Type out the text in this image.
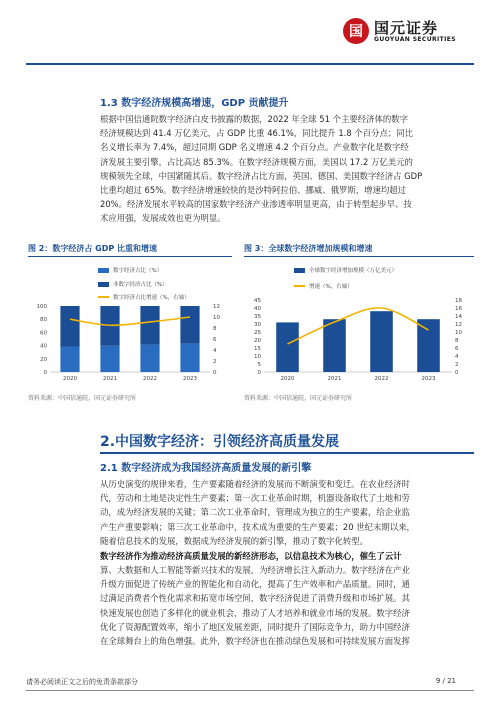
国 国元证券
GUOYUAN SECURITIES
1.3 数字经济规模高增速，GDP 贡献提升
根据中国信通院数字经济白皮书披露的数据，2022 年全球 51 个主要经济体的数字
经济规模达到 41.4 万亿美元，占 GDP 比重 46.1%，同比提升 1.8 个百分点；同比
名义增长率为 7.4%，超过同期 GDP 名义增速 4.2 个百分点。产业数字化是数字经
济发展主要引擎，占比高达 85.3%。在数字经济规模方面，美国以 17.2 万亿美元的
规模领先全球，中国紧随其后。数字经济占比方面，英国、德国、美国数字经济占 GDP
比重均超过 65%。数字经济增速较快的是沙特阿拉伯、挪威、俄罗斯，增速均超过
20%。经济发展水平较高的国家数字经济产业渗透率明显更高，由于转型起步早、技
术应用强，发展成效也更为明显。
图 2：数字经济占 GDP 比重和增速
数字经济占比（%）
非数字经济占比（%）
数字经济占比增速（%，右轴）
0
20
40
60
80
100
0
2
4
6
8
10
12
2020	2021	2022	2023
资料来源：中国信通院，国元证券研究所
图 3：全球数字经济增加规模和增速
全球数字经济增加规模（万亿美元）
增速（%，右轴）
0
5
10
15
20
25
30
35
40
45
0
2
4
6
8
10
12
14
16
18
2020	2021	2022	2023
资料来源：中国信通院，国元证券研究所
2.中国数字经济：引领经济高质量发展
2.1 数字经济成为我国经济高质量发展的新引擎
从历史演变的规律来看，生产要素随着经济的发展而不断演变和变迁。在农业经济时
代，劳动和土地是决定性生产要素；第一次工业革命时期，机器设备取代了土地和劳
动，成为经济发展的关键；第二次工业革命时，管理成为独立的生产要素，给企业监
产生产重要影响；第三次工业革命中，技术成为重要的生产要素；20 世纪末期以来，
随着信息技术的发展，数据成为经济发展的新引擎，推动了数字化转型。
数字经济作为推动经济高质量发展的新经济形态，以信息技术为核心，催生了云计
算、大数据和人工智能等新兴技术的发展，为经济增长注入新动力。数字经济在产业
升级方面促进了传统产业的智能化和自动化，提高了生产效率和产品质量。同时，通
过满足消费者个性化需求和拓宽市场空间，数字经济促进了消费升级和市场扩展。其
快速发展也创造了多样化的就业机会，推动了人才培养和就业市场的发展。数字经济
优化了资源配置效率，缩小了地区发展差距，同时提升了国际竞争力，助力中国经济
在全球舞台上的角色增强。此外，数字经济也在推动绿色发展和可持续发展方面发挥
请务必阅读正文之后的免责条款部分	9 / 21
